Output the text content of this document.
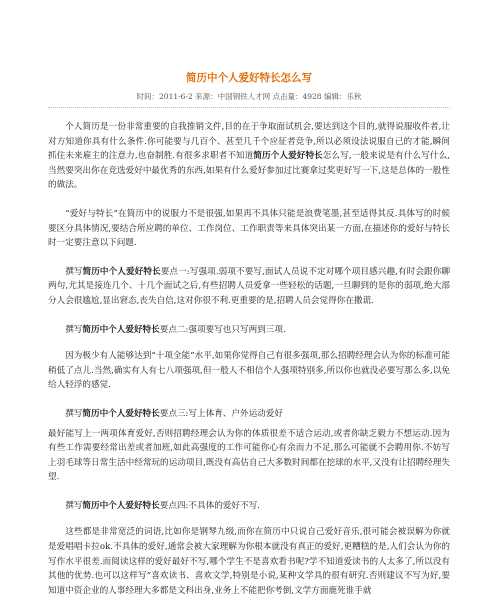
简历中个人爱好特长怎么写
时间：2011-6-2 来源：中国钢铁人才网 点击量：4928 编辑：乐秋

个人简历是一份非常重要的自我推销文件,目的在于争取面试机会,要达到这个目的,就得说服收件者,让对方知道你具有什么条件.你可能要与几百个、甚至几千个应征者竞争,所以必须设法说服自己的才能,瞬间抓住未来雇主的注意力,也奋制胜.有很多求职者不知道简历个人爱好特长怎么写,一般来说是有什么写什么,当然要突出你在竞选爱好中最优秀的东西,如果有什么爱好参加过比赛拿过奖更好写一下,这是总体的一般性的做法。

“爱好与特长”在简历中的说服力不是很强,如果再不具体只能是浪费笔墨,甚至适得其反.具体写的时候要区分具体情况,要结合所应聘的单位、工作岗位、工作职责等来具体突出某一方面,在描述你的爱好与特长时一定要注意以下问题.

撰写简历中个人爱好特长要点一:写强项.弱项不要写,面试人员说不定对哪个项目感兴趣,有时会跟你聊两句,尤其是接连几个、十几个面试之后,有些招聘人员爱拿一些轻松的话题,一旦聊到的是你的弱项,绝大部分人会很尴尬,显出窘态,丧失自信,这对你很不利.更重要的是,招聘人员会觉得你在撒谎.

撰写简历中个人爱好特长要点二:强项要写也只写两到三项.

因为极少有人能够达到“十项全能”水平,如果你觉得自己有很多强项,那么招聘经理会认为你的标准可能稍低了点儿.当然,确实有人有七八项强项,但一般人不相信个人强项特别多,所以你也就没必要写那么多,以免给人轻浮的感觉.

撰写简历中个人爱好特长要点三:写上体育、户外运动爱好

最好能写上一两项体育爱好,否则招聘经理会认为你的体质很差不适合运动,或者你缺乏毅力不想运动.因为有些工作需要经常出差或者加班,如此高强度的工作可能你心有余而力不足,那么可能就不会聘用你.不妨写上羽毛球等日常生活中经常玩的运动项目,既没有高估自己大多数时间都在挖球的水平,又没有让招聘经理失望.

撰写简历中个人爱好特长要点四:不具体的爱好不写.

这些都是非常宽泛的词语,比如你是钢琴九级,而你在简历中只说自己爱好音乐,很可能会被误解为你就是爱唱唱卡拉ok.不具体的爱好,通常会被大家理解为你根本就没有真正的爱好,更糟糕的是,人们会认为你的写作水平很差.而阅读这样的爱好最好不写,哪个学生不是喜欢看书呢?学不知道爱读书的人太多了,所以没有其他的优势.也可以这样写“喜欢读书、喜欢文学,特别是小说,某种文学具的很有研究.否则建议不写为好,要知道中资企业的人事经理大多都是文科出身,业务上不能把你考倒,文学方面鹿死谁手就
